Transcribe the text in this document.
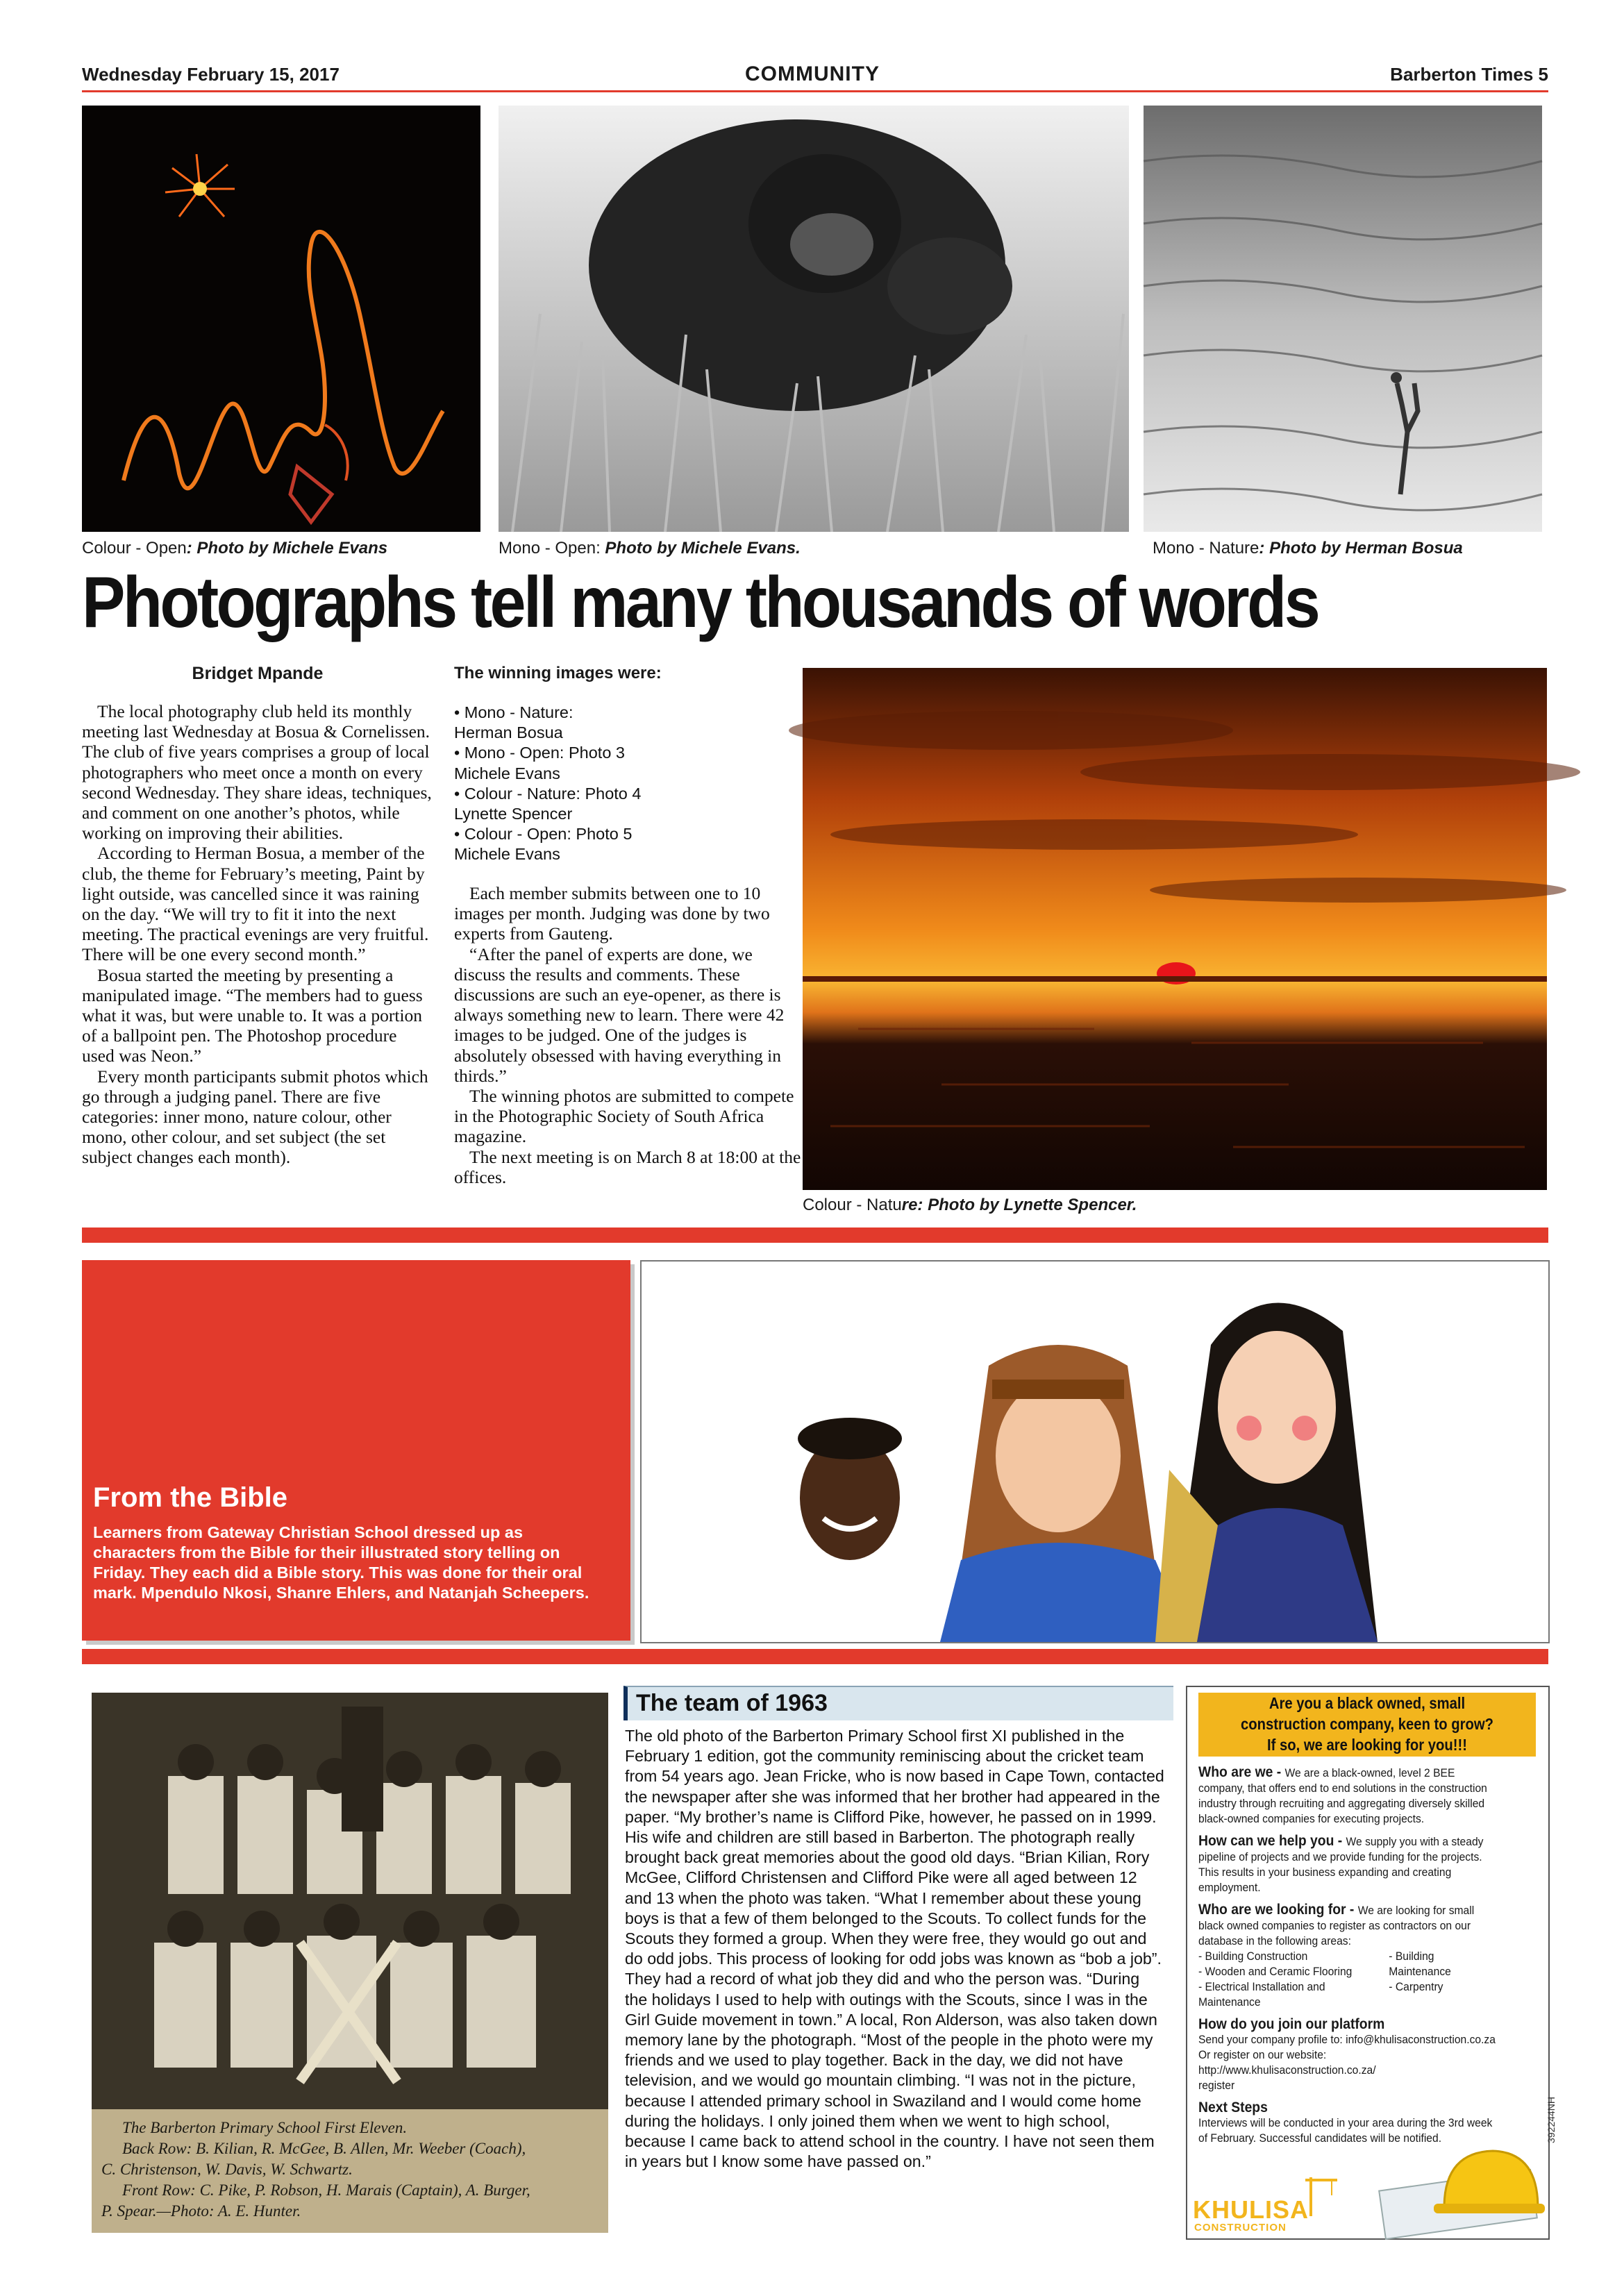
Wednesday February 15, 2017	COMMUNITY	Barberton Times 5
Colour - Open: Photo by Michele Evans	Mono - Open: Photo by Michele Evans.	Mono - Nature: Photo by Herman Bosua
Photographs tell many thousands of words
Bridget Mpande

The local photography club held its monthly meeting last Wednesday at Bosua & Cornelissen. The club of five years comprises a group of local photographers who meet once a month on every second Wednesday. They share ideas, techniques, and comment on one another’s photos, while working on improving their abilities.

According to Herman Bosua, a member of the club, the theme for February’s meeting, Paint by light outside, was cancelled since it was raining on the day. “We will try to fit it into the next meeting. The practical evenings are very fruitful. There will be one every second month.”

Bosua started the meeting by presenting a manipulated image. “The members had to guess what it was, but were unable to. It was a portion of a ballpoint pen. The Photoshop procedure used was Neon.”

Every month participants submit photos which go through a judging panel. There are five categories: inner mono, nature colour, other mono, other colour, and set subject (the set subject changes each month).

The winning images were:
• Mono - Nature:
Herman Bosua
• Mono - Open: Photo 3
Michele Evans
• Colour - Nature: Photo 4
Lynette Spencer
• Colour - Open: Photo 5
Michele Evans

Each member submits between one to 10 images per month. Judging was done by two experts from Gauteng.

“After the panel of experts are done, we discuss the results and comments. These discussions are such an eye-opener, as there is always something new to learn. There were 42 images to be judged. One of the judges is absolutely obsessed with having everything in thirds.”

The winning photos are submitted to compete in the Photographic Society of South Africa magazine.

The next meeting is on March 8 at 18:00 at the offices.

Colour - Nature: Photo by Lynette Spencer.
From the Bible
Learners from Gateway Christian School dressed up as characters from the Bible for their illustrated story telling on Friday. They each did a Bible story. This was done for their oral mark. Mpendulo Nkosi, Shanre Ehlers, and Natanjah Scheepers.
The Barberton Primary School First Eleven.
Back Row: B. Kilian, R. McGee, B. Allen, Mr. Weeber (Coach),
C. Christenson, W. Davis, W. Schwartz.
Front Row: C. Pike, P. Robson, H. Marais (Captain), A. Burger,
P. Spear.—Photo: A. E. Hunter.
The team of 1963
The old photo of the Barberton Primary School first XI published in the February 1 edition, got the community reminiscing about the cricket team from 54 years ago. Jean Fricke, who is now based in Cape Town, contacted the newspaper after she was informed that her brother had appeared in the paper. “My brother’s name is Clifford Pike, however, he passed on in 1999. His wife and children are still based in Barberton. The photograph really brought back great memories about the good old days. “Brian Kilian, Rory McGee, Clifford Christensen and Clifford Pike were all aged between 12 and 13 when the photo was taken. “What I remember about these young boys is that a few of them belonged to the Scouts. To collect funds for the Scouts they formed a group. When they were free, they would go out and do odd jobs. This process of looking for odd jobs was known as “bob a job”. They had a record of what job they did and who the person was. “During the holidays I used to help with outings with the Scouts, since I was in the Girl Guide movement in town.” A local, Ron Alderson, was also taken down memory lane by the photograph. “Most of the people in the photo were my friends and we used to play together. Back in the day, we did not have television, and we would go mountain climbing. “I was not in the picture, because I attended primary school in Swaziland and I would come home during the holidays. I only joined them when we went to high school, because I came back to attend school in the country. I have not seen them in years but I know some have passed on.”
Are you a black owned, small
construction company, keen to grow?
If so, we are looking for you!!!
Who are we - We are a black-owned, level 2 BEE company, that offers end to end solutions in the construction industry through recruiting and aggregating diversely skilled black-owned companies for executing projects.
How can we help you - We supply you with a steady pipeline of projects and we provide funding for the projects. This results in your business expanding and creating employment.
Who are we looking for - We are looking for small black owned companies to register as contractors on our database in the following areas:
- Building Construction
- Wooden and Ceramic Flooring
- Electrical Installation and Maintenance
- Building Maintenance
- Carpentry
How do you join our platform
Send your company profile to: info@khulisaconstruction.co.za
Or register on our website: http://www.khulisaconstruction.co.za/
register
Next Steps
Interviews will be conducted in your area during the 3rd week of February. Successful candidates will be notified.	392244NH
KHULISA
CONSTRUCTION
